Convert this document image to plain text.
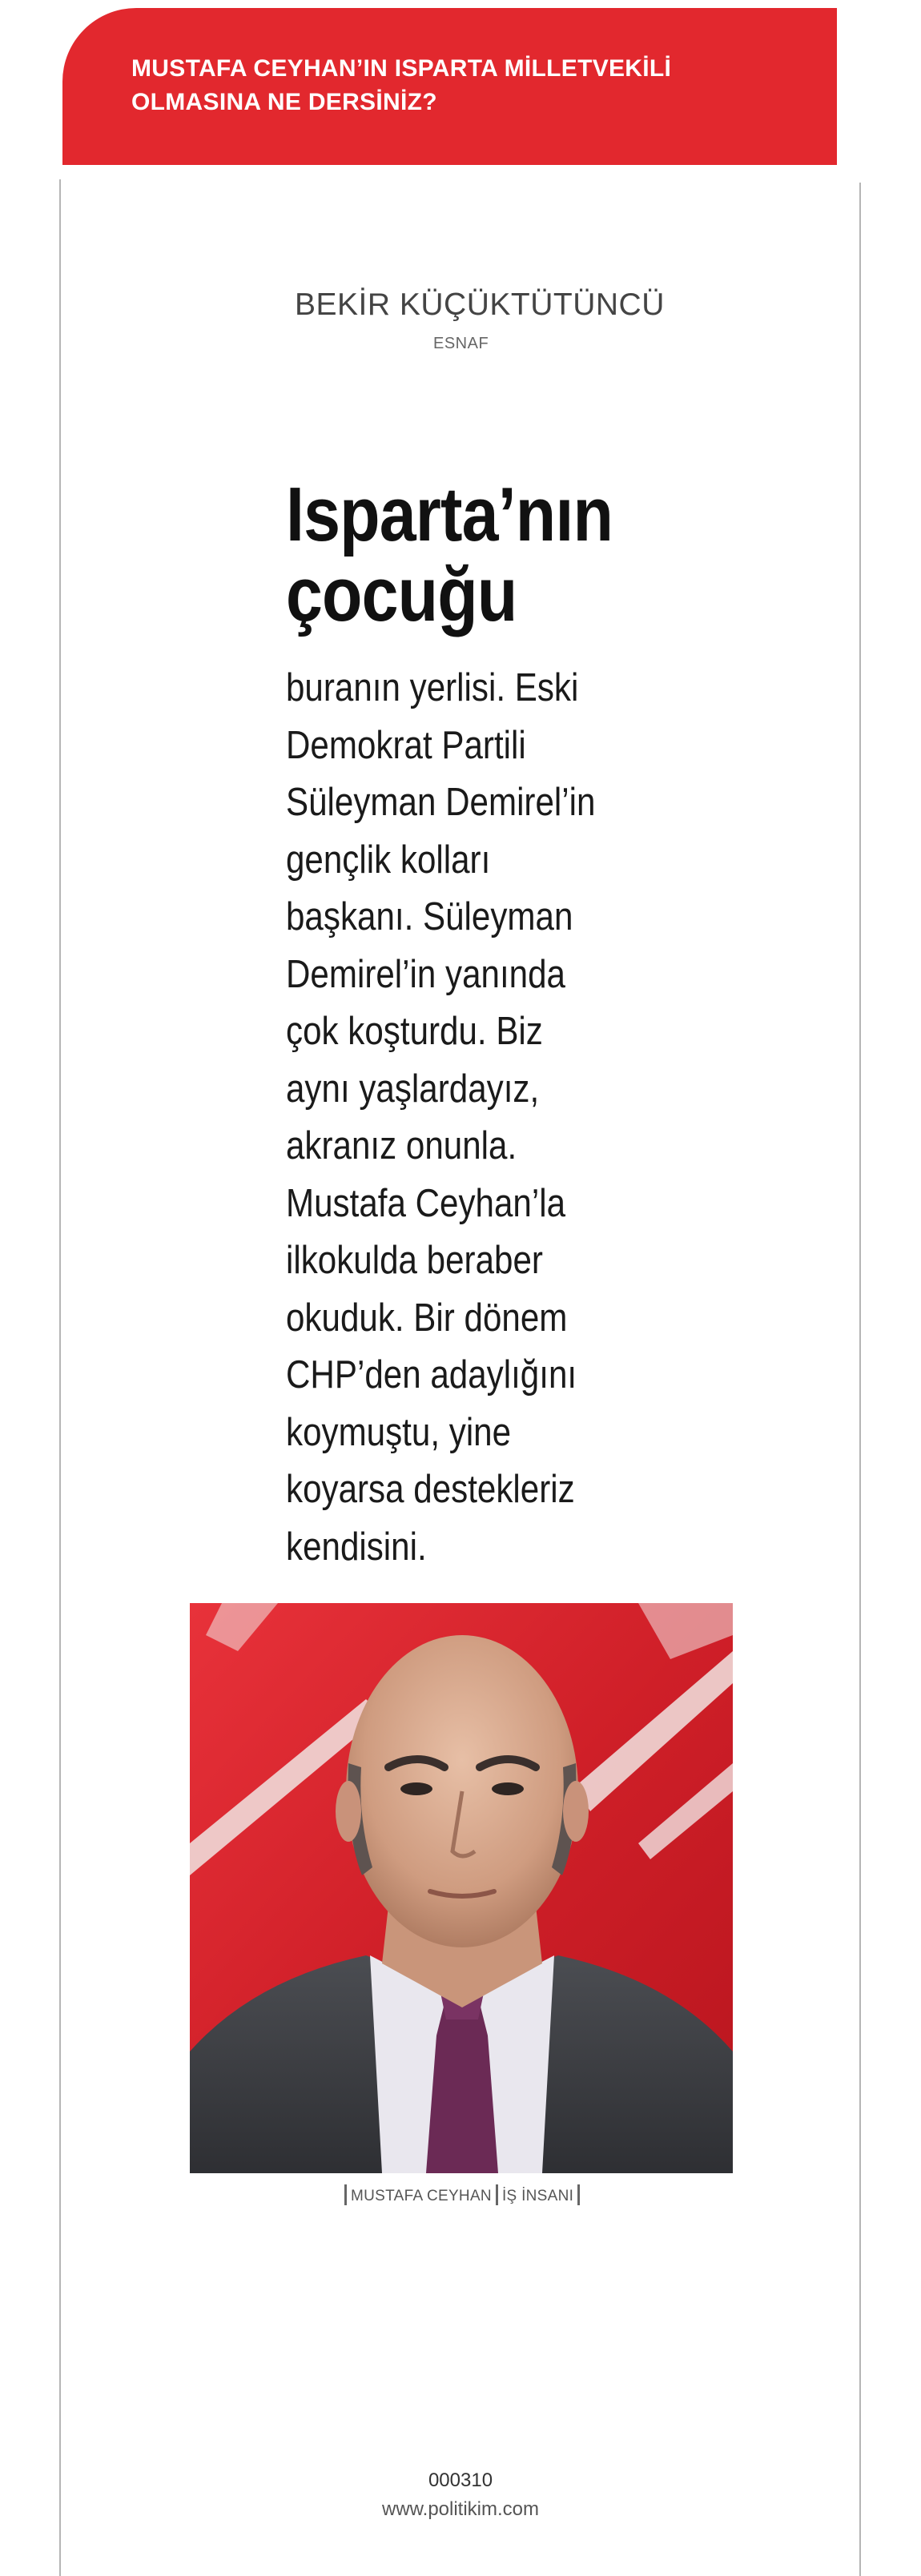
MUSTAFA CEYHAN’IN ISPARTA MİLLETVEKİLİ
OLMASINA NE DERSİNİZ?
BEKİR KÜÇÜKTÜTÜNCÜ
ESNAF
Isparta’nın
çocuğu
buranın yerlisi. Eski
Demokrat Partili
Süleyman Demirel’in
gençlik kolları
başkanı. Süleyman
Demirel’in yanında
çok koşturdu. Biz
aynı yaşlardayız,
akranız onunla.
Mustafa Ceyhan’la
ilkokulda beraber
okuduk. Bir dönem
CHP’den adaylığını
koymuştu, yine
koyarsa destekleriz
kendisini.
MUSTAFA CEYHAN İŞ İNSANI
000310
www.politikim.com
